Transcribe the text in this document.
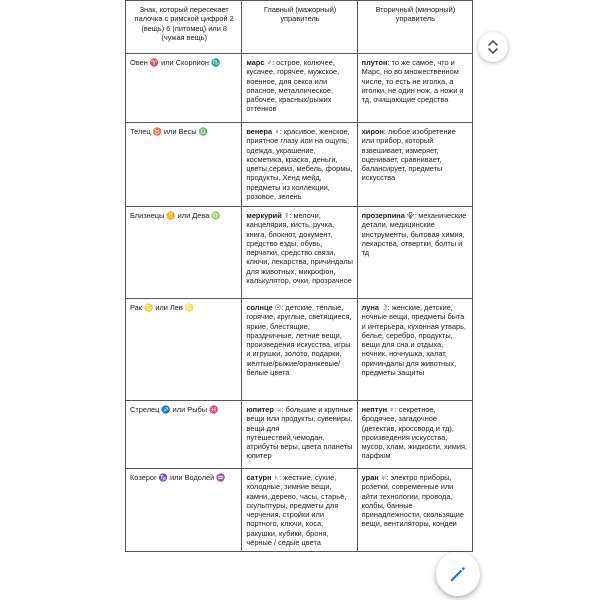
Знак, который пересекает палочка с римской цифрой 2 (вещь) 6 (питомец) или 8 (чужая вещь)	Главный (мажорный) управитель	Вторичный (минорный) управитель
Овен ♈ или Скорпион ♏	марс ♂: острое, колючее, кусачее, горячее, мужское, военное, для секса или опасное, металлическое, рабочее, красных/рыжих оттенков	плутон: то же самое, что и Марс, но во множественном числе, то есть не иголка, а иголки, не один нож, а ножи и тд, очищающие средства
Телец ♉ или Весы ♎	венера ♀: красивое, женское, приятное глазу или на ощупь, одежда, украшение, косметика, краска, деньги, цветы,сервиз, мебель, формы, продукты, Хенд мейд, предметы из коллекции, розовое, зелень	хирон: любое изобретение или прибор, который взвешивает, измеряет, оценивает, сравнивает, балансирует, предметы искусства
Близнецы ♊ или Дева ♍	меркурий ☿: мелочи, канцелярия, кисть, ручка, книга, блокнот, документ, средство езды, обувь, перчатки, средство связи, ключи, лекарства, причиндалы для животных, микрофон, калькулятор, очки, прозрачное	прозерпина ⯓: механические детали, медицинские инструменты, бытовая химия, лекарства, отвертки, болты и тд
Рак ♋ или Лев ♌	солнце ☉: детские, тёплые, горячие, круглые, светящиеся, яркие, блестящие, праздничные, летние вещи, произведения искусства, игры и игрушки, золото, подарки, жёлтые/рыжие/оранжевые/ белые цвета	луна ☽: женские, детские, ночные вещи, предметы быта и интерьера, кухонная утварь, белье, серебро, продукты, вещи для сна и отдыха, ночник, ночнушка, халат, причиндалы для животных, предметы защиты
Стрелец ♐ или Рыбы ♓	юпитер ♃: большие и крупные вещи или продукты, сувениры, вещи для путешествий,чемодан, атрибуты веры, цвета планеты юпитер	нептун ♆: секретное, бродячее, загадочное (детектив, кроссворд и тд), произведения искусства, мусор, хлам, жидкости, химия, парфюм
Козерог ♑ или Водолей ♒	сатурн ♄: жесткие, сухие, холодные, зимние вещи, камни, дерево, часы, старьё, скульптуры, предметы для черчения, стройки или портного, ключи, коса, ракушки, кубики, броня, чёрные / седые цвета	уран ♅: электро приборы, розетки, современные или айти технологии, провода, колбы, банные принадлежности, скользящие вещи, вентиляторы, кондеи
